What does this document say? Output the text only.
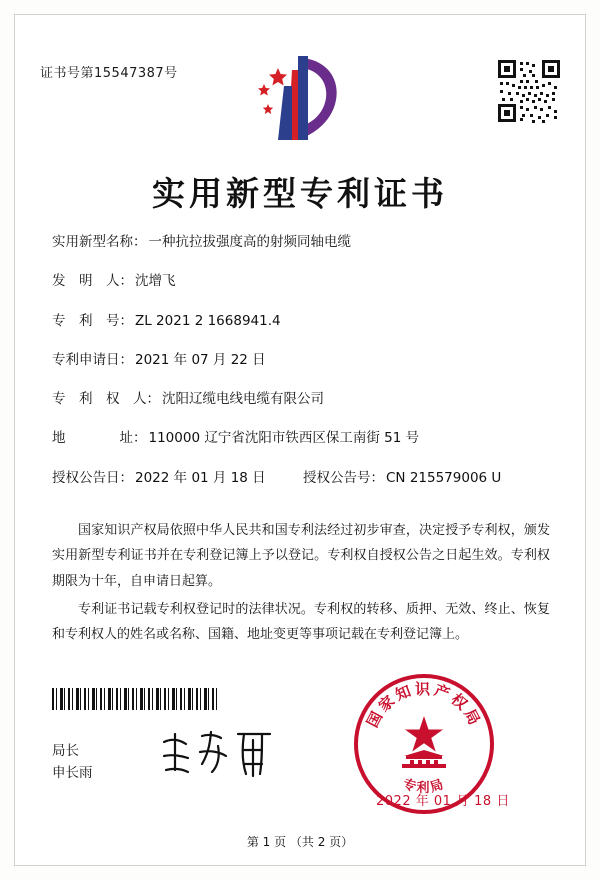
证书号第15547387号
实用新型专利证书
实用新型名称： 一种抗拉拔强度高的射频同轴电缆
发　明　人： 沈增飞
专　利　号： ZL 2021 2 1668941.4
专利申请日： 2021 年 07 月 22 日
专　利　权　人： 沈阳辽缆电线电缆有限公司
地　　　　址： 110000 辽宁省沈阳市铁西区保工南街 51 号
授权公告日： 2022 年 01 月 18 日	授权公告号： CN 215579006 U

国家知识产权局依照中华人民共和国专利法经过初步审查，决定授予专利权，颁发实用新型专利证书并在专利登记簿上予以登记。专利权自授权公告之日起生效。专利权期限为十年，自申请日起算。

专利证书记载专利权登记时的法律状况。专利权的转移、质押、无效、终止、恢复和专利权人的姓名或名称、国籍、地址变更等事项记载在专利登记簿上。

局长
申长雨
国家知识产权局
专利局
2022 年 01 月 18 日
第 1 页 （共 2 页）
